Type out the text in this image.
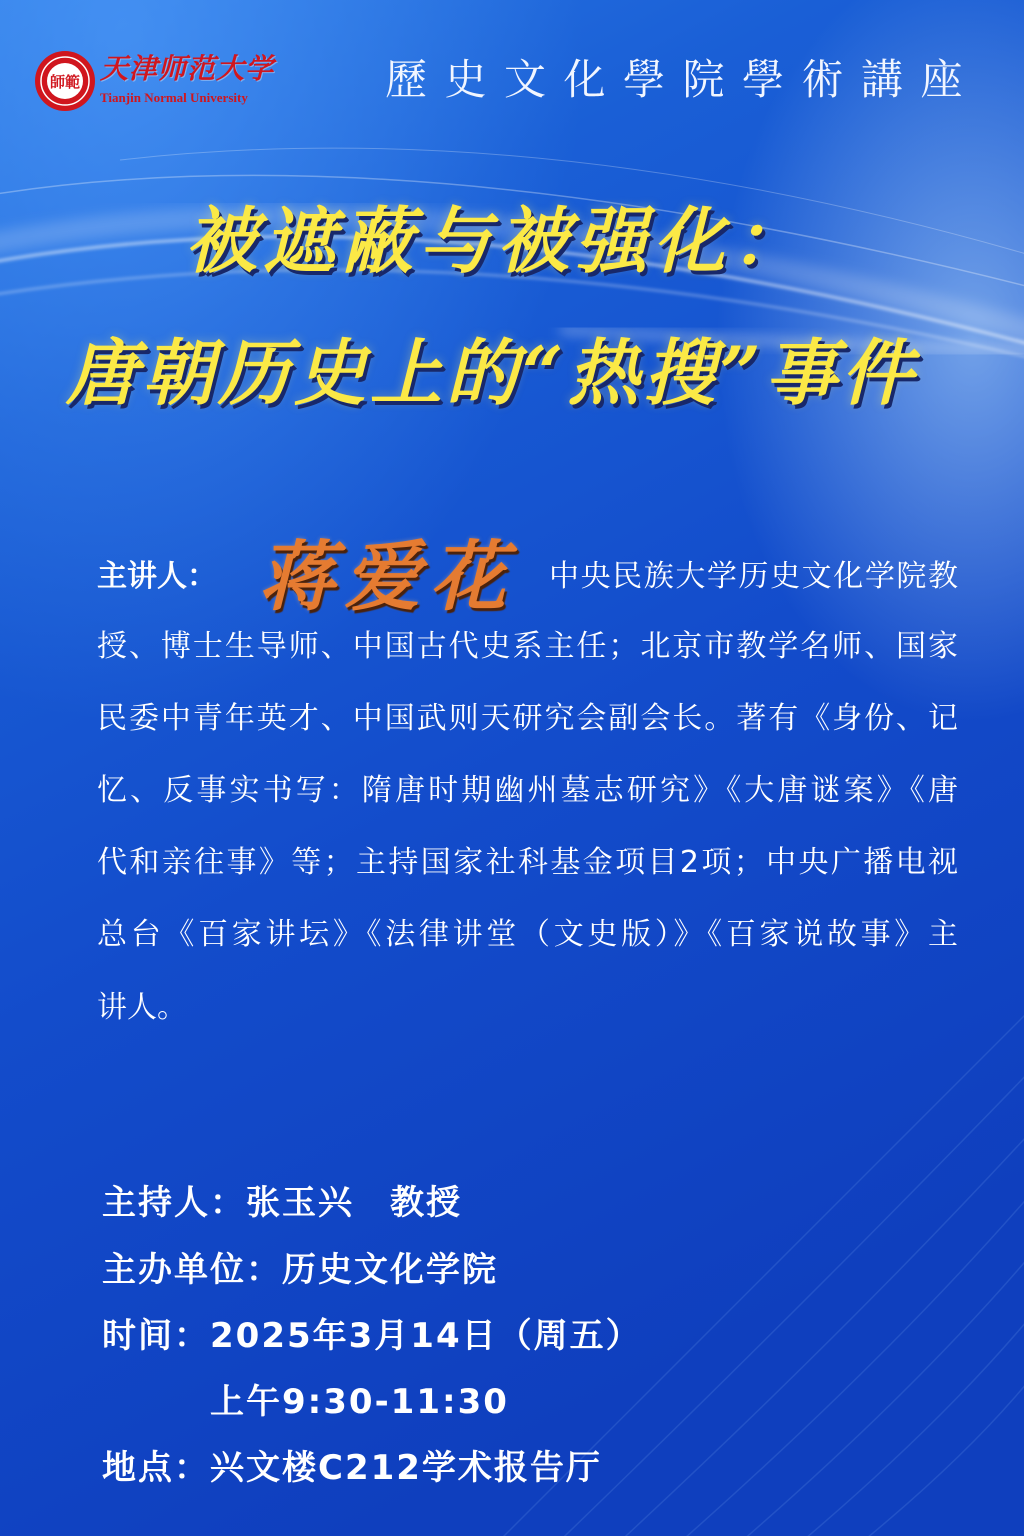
師範 天津师范大学
Tianjin Normal University	歷史文化學院學術講座
被遮蔽与被强化：
唐朝历史上的“热搜”事件
主讲人： 蒋爱花 中央民族大学历史文化学院教
授、博士生导师、中国古代史系主任；北京市教学名师、国家
民委中青年英才、中国武则天研究会副会长。著有《身份、记
忆、反事实书写：隋唐时期幽州墓志研究》《大唐谜案》《唐
代和亲往事》等；主持国家社科基金项目2项；中央广播电视
总台《百家讲坛》《法律讲堂（文史版）》《百家说故事》主
讲人。
主持人：张玉兴 教授
主办单位：历史文化学院
时间：2025年3月14日（周五）
上午9:30-11:30
地点：兴文楼C212学术报告厅
